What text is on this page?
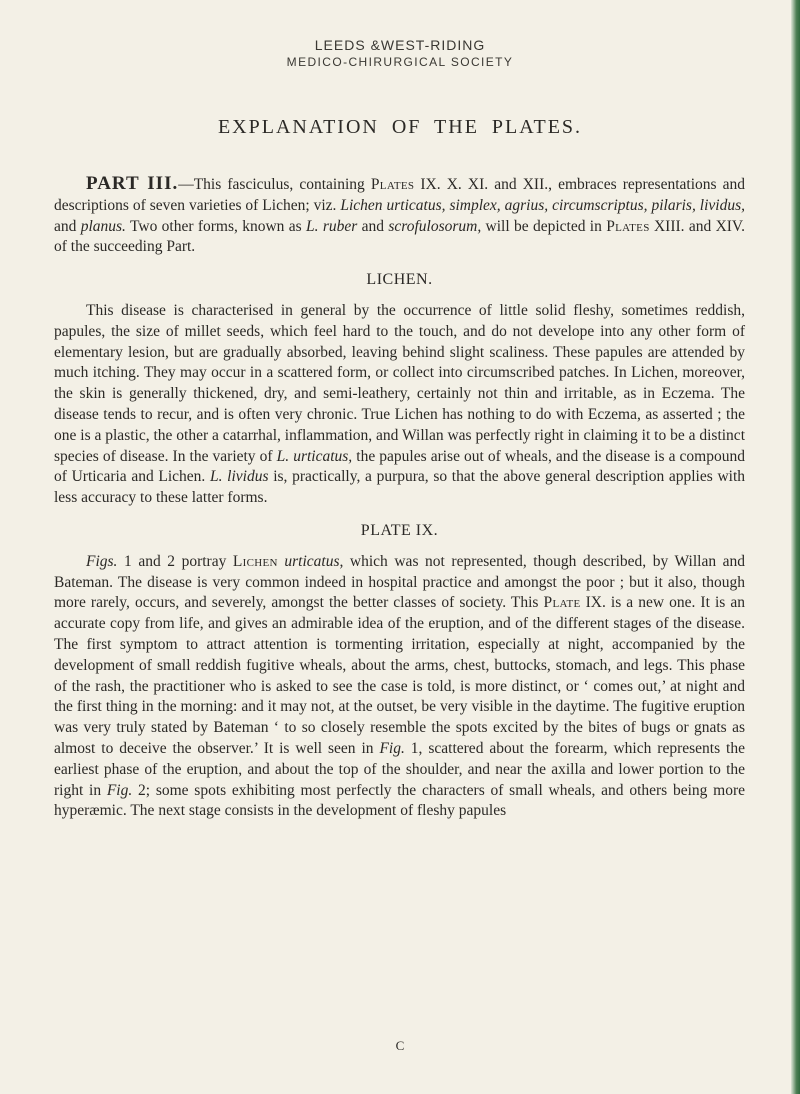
LEEDS &WEST-RIDING
MEDICO-CHIRURGICAL SOCIETY
EXPLANATION OF THE PLATES.

PART III.—This fasciculus, containing Plates IX. X. XI. and XII., embraces representations and descriptions of seven varieties of Lichen; viz. Lichen urticatus, simplex, agrius, circumscriptus, pilaris, lividus, and planus. Two other forms, known as L. ruber and scrofulosorum, will be depicted in Plates XIII. and XIV. of the succeeding Part.

LICHEN.

This disease is characterised in general by the occurrence of little solid fleshy, sometimes reddish, papules, the size of millet seeds, which feel hard to the touch, and do not develope into any other form of elementary lesion, but are gradually absorbed, leaving behind slight scaliness. These papules are attended by much itching. They may occur in a scattered form, or collect into circumscribed patches. In Lichen, moreover, the skin is generally thickened, dry, and semi-leathery, certainly not thin and irritable, as in Eczema. The disease tends to recur, and is often very chronic. True Lichen has nothing to do with Eczema, as asserted ; the one is a plastic, the other a catarrhal, inflammation, and Willan was perfectly right in claiming it to be a distinct species of disease. In the variety of L. urticatus, the papules arise out of wheals, and the disease is a compound of Urticaria and Lichen. L. lividus is, practically, a purpura, so that the above general description applies with less accuracy to these latter forms.

PLATE IX.

Figs. 1 and 2 portray Lichen urticatus, which was not represented, though described, by Willan and Bateman. The disease is very common indeed in hospital practice and amongst the poor ; but it also, though more rarely, occurs, and severely, amongst the better classes of society. This Plate IX. is a new one. It is an accurate copy from life, and gives an admirable idea of the eruption, and of the different stages of the disease. The first symptom to attract attention is tormenting irritation, especially at night, accompanied by the development of small reddish fugitive wheals, about the arms, chest, buttocks, stomach, and legs. This phase of the rash, the practitioner who is asked to see the case is told, is more distinct, or ‘ comes out,’ at night and the first thing in the morning: and it may not, at the outset, be very visible in the daytime. The fugitive eruption was very truly stated by Bateman ‘ to so closely resemble the spots excited by the bites of bugs or gnats as almost to deceive the observer.’ It is well seen in Fig. 1, scattered about the forearm, which represents the earliest phase of the eruption, and about the top of the shoulder, and near the axilla and lower portion to the right in Fig. 2; some spots exhibiting most perfectly the characters of small wheals, and others being more hyperæmic. The next stage consists in the development of fleshy papules

C
